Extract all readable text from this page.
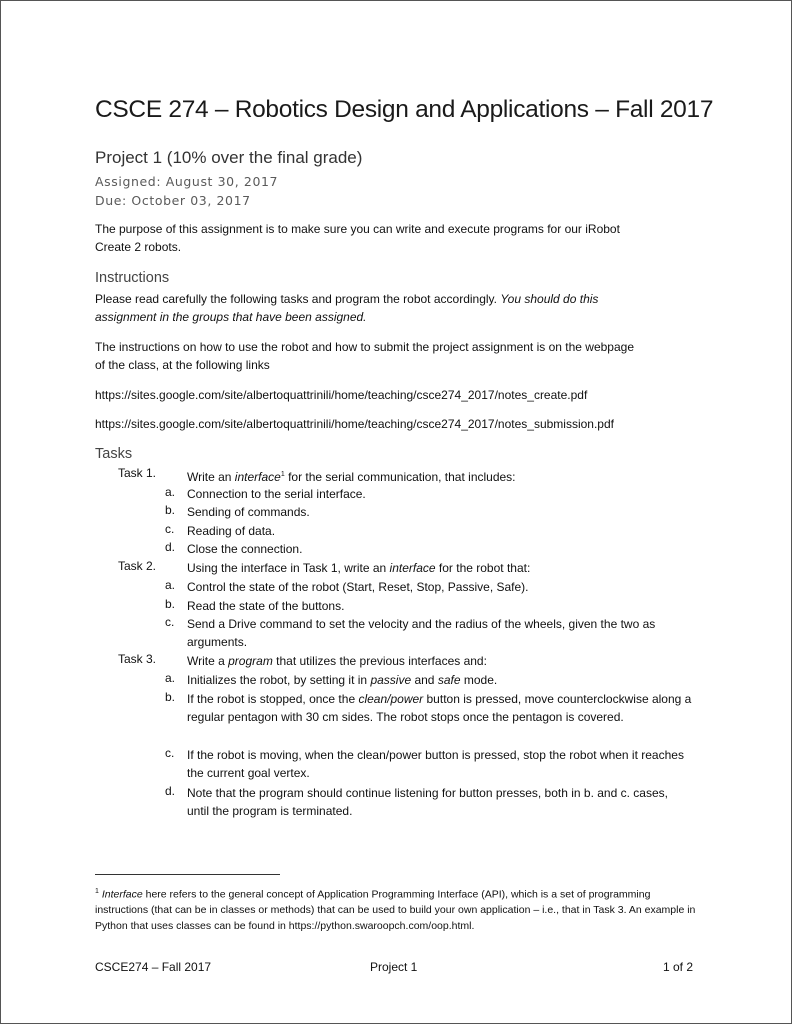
CSCE 274 – Robotics Design and Applications – Fall 2017
Project 1 (10% over the final grade)
Assigned: August 30, 2017
Due: October 03, 2017
The purpose of this assignment is to make sure you can write and execute programs for our iRobot
Create 2 robots.
Instructions
Please read carefully the following tasks and program the robot accordingly. You should do this
assignment in the groups that have been assigned.
The instructions on how to use the robot and how to submit the project assignment is on the webpage
of the class, at the following links
https://sites.google.com/site/albertoquattrinili/home/teaching/csce274_2017/notes_create.pdf
https://sites.google.com/site/albertoquattrinili/home/teaching/csce274_2017/notes_submission.pdf
Tasks
Task 1.	Write an interface$^1$ for the serial communication, that includes:
a. Connection to the serial interface.
b. Sending of commands.
c. Reading of data.
d. Close the connection.
Task 2.	Using the interface in Task 1, write an interface for the robot that:
a. Control the state of the robot (Start, Reset, Stop, Passive, Safe).
b. Read the state of the buttons.
c. Send a Drive command to set the velocity and the radius of the wheels, given the two as arguments.
Task 3.	Write a program that utilizes the previous interfaces and:
a. Initializes the robot, by setting it in passive and safe mode.
b. If the robot is stopped, once the clean/power button is pressed, move counterclockwise along a regular pentagon with 30 cm sides. The robot stops once the pentagon is covered.
c. If the robot is moving, when the clean/power button is pressed, stop the robot when it reaches the current goal vertex.
d. Note that the program should continue listening for button presses, both in b. and c. cases, until the program is terminated.
$^1$ Interface here refers to the general concept of Application Programming Interface (API), which is a set of programming instructions (that can be in classes or methods) that can be used to build your own application – i.e., that in Task 3. An example in Python that uses classes can be found in https://python.swaroopch.com/oop.html.
CSCE274 – Fall 2017	Project 1	1 of 2
